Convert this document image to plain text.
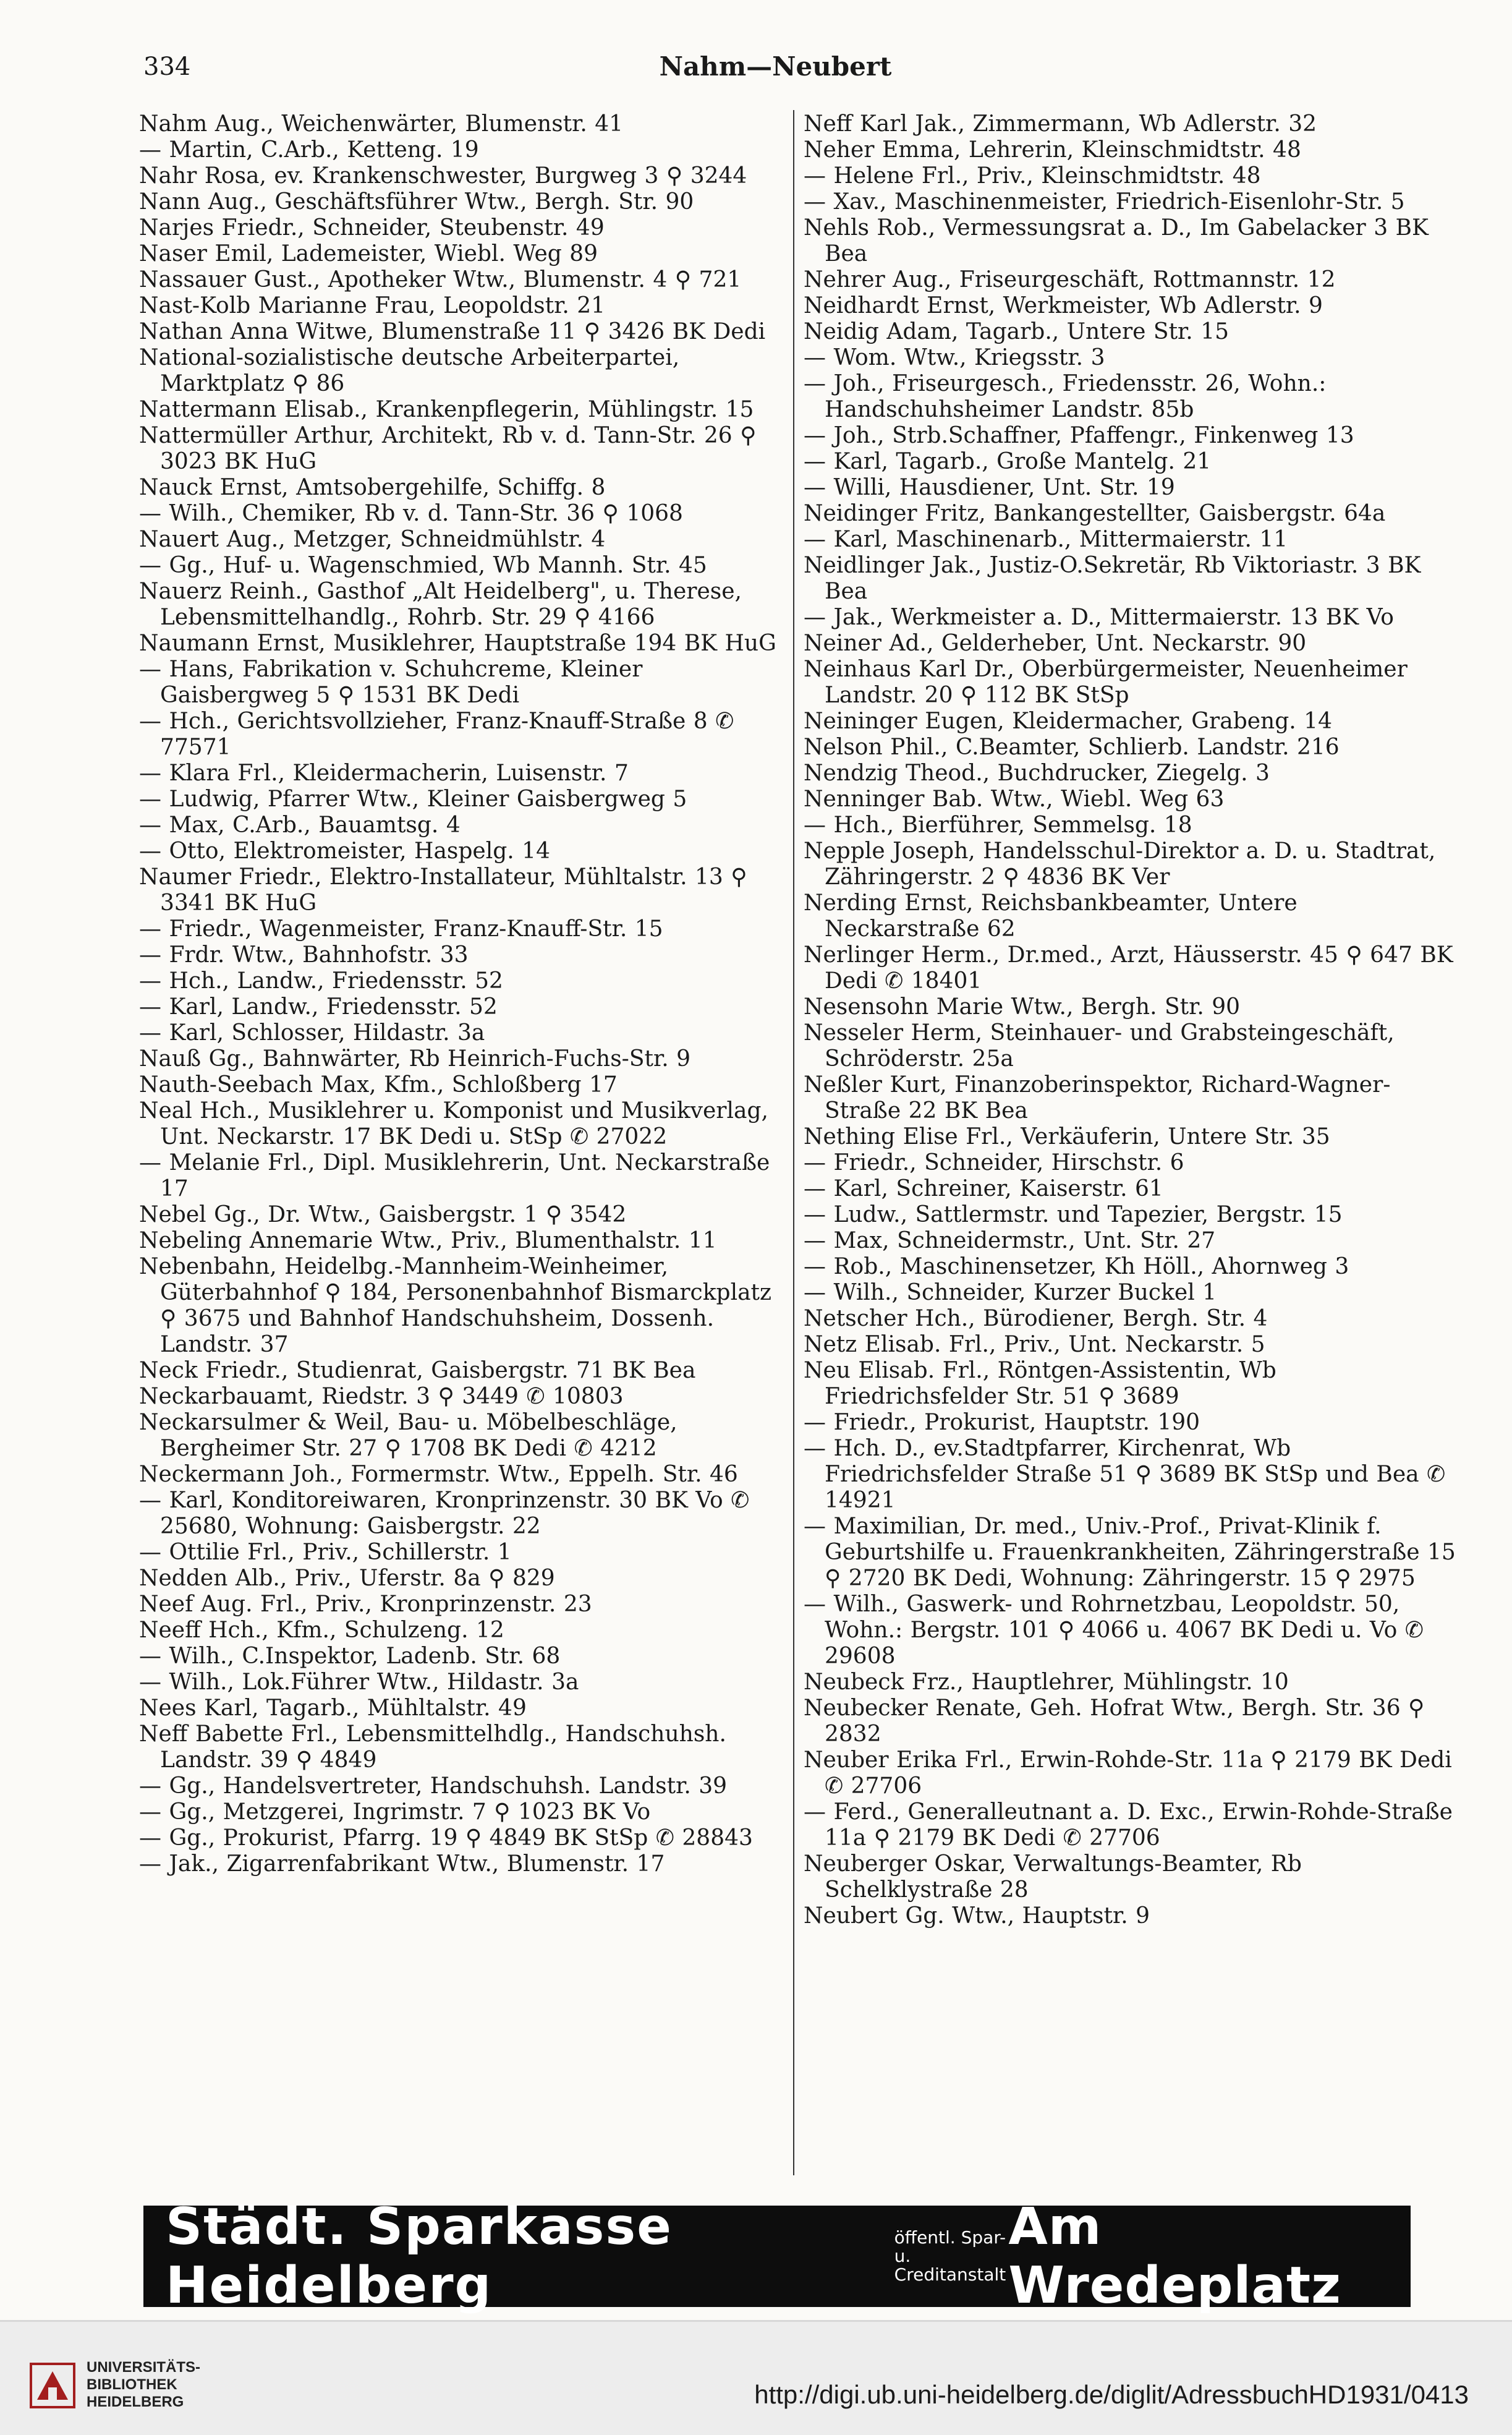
334	Nahm—Neubert

Nahm Aug., Weichenwärter, Blumenstr. 41

— Martin, C.Arb., Ketteng. 19

Nahr Rosa, ev. Krankenschwester, Burgweg 3 ⚲ 3244

Nann Aug., Geschäftsführer Wtw., Bergh. Str. 90

Narjes Friedr., Schneider, Steubenstr. 49

Naser Emil, Lademeister, Wiebl. Weg 89

Nassauer Gust., Apotheker Wtw., Blumenstr. 4 ⚲ 721

Nast-Kolb Marianne Frau, Leopoldstr. 21

Nathan Anna Witwe, Blumenstraße 11 ⚲ 3426 BK Dedi

National-sozialistische deutsche Arbeiterpartei, Marktplatz ⚲ 86

Nattermann Elisab., Krankenpflegerin, Mühlingstr. 15

Nattermüller Arthur, Architekt, Rb v. d. Tann-Str. 26 ⚲ 3023 BK HuG

Nauck Ernst, Amtsobergehilfe, Schiffg. 8

— Wilh., Chemiker, Rb v. d. Tann-Str. 36 ⚲ 1068

Nauert Aug., Metzger, Schneidmühlstr. 4

— Gg., Huf- u. Wagenschmied, Wb Mannh. Str. 45

Nauerz Reinh., Gasthof „Alt Heidelberg", u. Therese, Lebensmittelhandlg., Rohrb. Str. 29 ⚲ 4166

Naumann Ernst, Musiklehrer, Hauptstraße 194 BK HuG

— Hans, Fabrikation v. Schuhcreme, Kleiner Gaisbergweg 5 ⚲ 1531 BK Dedi

— Hch., Gerichtsvollzieher, Franz-Knauff-Straße 8 ✆ 77571

— Klara Frl., Kleidermacherin, Luisenstr. 7

— Ludwig, Pfarrer Wtw., Kleiner Gaisbergweg 5

— Max, C.Arb., Bauamtsg. 4

— Otto, Elektromeister, Haspelg. 14

Naumer Friedr., Elektro-Installateur, Mühltalstr. 13 ⚲ 3341 BK HuG

— Friedr., Wagenmeister, Franz-Knauff-Str. 15

— Frdr. Wtw., Bahnhofstr. 33

— Hch., Landw., Friedensstr. 52

— Karl, Landw., Friedensstr. 52

— Karl, Schlosser, Hildastr. 3a

Nauß Gg., Bahnwärter, Rb Heinrich-Fuchs-Str. 9

Nauth-Seebach Max, Kfm., Schloßberg 17

Neal Hch., Musiklehrer u. Komponist und Musikverlag, Unt. Neckarstr. 17 BK Dedi u. StSp ✆ 27022

— Melanie Frl., Dipl. Musiklehrerin, Unt. Neckarstraße 17

Nebel Gg., Dr. Wtw., Gaisbergstr. 1 ⚲ 3542

Nebeling Annemarie Wtw., Priv., Blumenthalstr. 11

Nebenbahn, Heidelbg.-Mannheim-Weinheimer, Güterbahnhof ⚲ 184, Personenbahnhof Bismarckplatz ⚲ 3675 und Bahnhof Handschuhsheim, Dossenh. Landstr. 37

Neck Friedr., Studienrat, Gaisbergstr. 71 BK Bea

Neckarbauamt, Riedstr. 3 ⚲ 3449 ✆ 10803

Neckarsulmer & Weil, Bau- u. Möbelbeschläge, Bergheimer Str. 27 ⚲ 1708 BK Dedi ✆ 4212

Neckermann Joh., Formermstr. Wtw., Eppelh. Str. 46

— Karl, Konditoreiwaren, Kronprinzenstr. 30 BK Vo ✆ 25680, Wohnung: Gaisbergstr. 22

— Ottilie Frl., Priv., Schillerstr. 1

Nedden Alb., Priv., Uferstr. 8a ⚲ 829

Neef Aug. Frl., Priv., Kronprinzenstr. 23

Neeff Hch., Kfm., Schulzeng. 12

— Wilh., C.Inspektor, Ladenb. Str. 68

— Wilh., Lok.Führer Wtw., Hildastr. 3a

Nees Karl, Tagarb., Mühltalstr. 49

Neff Babette Frl., Lebensmittelhdlg., Handschuhsh. Landstr. 39 ⚲ 4849

— Gg., Handelsvertreter, Handschuhsh. Landstr. 39

— Gg., Metzgerei, Ingrimstr. 7 ⚲ 1023 BK Vo

— Gg., Prokurist, Pfarrg. 19 ⚲ 4849 BK StSp ✆ 28843

— Jak., Zigarrenfabrikant Wtw., Blumenstr. 17

Neff Karl Jak., Zimmermann, Wb Adlerstr. 32

Neher Emma, Lehrerin, Kleinschmidtstr. 48

— Helene Frl., Priv., Kleinschmidtstr. 48

— Xav., Maschinenmeister, Friedrich-Eisenlohr-Str. 5

Nehls Rob., Vermessungsrat a. D., Im Gabelacker 3 BK Bea

Nehrer Aug., Friseurgeschäft, Rottmannstr. 12

Neidhardt Ernst, Werkmeister, Wb Adlerstr. 9

Neidig Adam, Tagarb., Untere Str. 15

— Wom. Wtw., Kriegsstr. 3

— Joh., Friseurgesch., Friedensstr. 26, Wohn.: Handschuhsheimer Landstr. 85b

— Joh., Strb.Schaffner, Pfaffengr., Finkenweg 13

— Karl, Tagarb., Große Mantelg. 21

— Willi, Hausdiener, Unt. Str. 19

Neidinger Fritz, Bankangestellter, Gaisbergstr. 64a

— Karl, Maschinenarb., Mittermaierstr. 11

Neidlinger Jak., Justiz-O.Sekretär, Rb Viktoriastr. 3 BK Bea

— Jak., Werkmeister a. D., Mittermaierstr. 13 BK Vo

Neiner Ad., Gelderheber, Unt. Neckarstr. 90

Neinhaus Karl Dr., Oberbürgermeister, Neuenheimer Landstr. 20 ⚲ 112 BK StSp

Neininger Eugen, Kleidermacher, Grabeng. 14

Nelson Phil., C.Beamter, Schlierb. Landstr. 216

Nendzig Theod., Buchdrucker, Ziegelg. 3

Nenninger Bab. Wtw., Wiebl. Weg 63

— Hch., Bierführer, Semmelsg. 18

Nepple Joseph, Handelsschul-Direktor a. D. u. Stadtrat, Zähringerstr. 2 ⚲ 4836 BK Ver

Nerding Ernst, Reichsbankbeamter, Untere Neckarstraße 62

Nerlinger Herm., Dr.med., Arzt, Häusserstr. 45 ⚲ 647 BK Dedi ✆ 18401

Nesensohn Marie Wtw., Bergh. Str. 90

Nesseler Herm, Steinhauer- und Grabsteingeschäft, Schröderstr. 25a

Neßler Kurt, Finanzoberinspektor, Richard-Wagner-Straße 22 BK Bea

Nething Elise Frl., Verkäuferin, Untere Str. 35

— Friedr., Schneider, Hirschstr. 6

— Karl, Schreiner, Kaiserstr. 61

— Ludw., Sattlermstr. und Tapezier, Bergstr. 15

— Max, Schneidermstr., Unt. Str. 27

— Rob., Maschinensetzer, Kh Höll., Ahornweg 3

— Wilh., Schneider, Kurzer Buckel 1

Netscher Hch., Bürodiener, Bergh. Str. 4

Netz Elisab. Frl., Priv., Unt. Neckarstr. 5

Neu Elisab. Frl., Röntgen-Assistentin, Wb Friedrichsfelder Str. 51 ⚲ 3689

— Friedr., Prokurist, Hauptstr. 190

— Hch. D., ev.Stadtpfarrer, Kirchenrat, Wb Friedrichsfelder Straße 51 ⚲ 3689 BK StSp und Bea ✆ 14921

— Maximilian, Dr. med., Univ.-Prof., Privat-Klinik f. Geburtshilfe u. Frauenkrankheiten, Zähringerstraße 15 ⚲ 2720 BK Dedi, Wohnung: Zähringerstr. 15 ⚲ 2975

— Wilh., Gaswerk- und Rohrnetzbau, Leopoldstr. 50, Wohn.: Bergstr. 101 ⚲ 4066 u. 4067 BK Dedi u. Vo ✆ 29608

Neubeck Frz., Hauptlehrer, Mühlingstr. 10

Neubecker Renate, Geh. Hofrat Wtw., Bergh. Str. 36 ⚲ 2832

Neuber Erika Frl., Erwin-Rohde-Str. 11a ⚲ 2179 BK Dedi ✆ 27706

— Ferd., Generalleutnant a. D. Exc., Erwin-Rohde-Straße 11a ⚲ 2179 BK Dedi ✆ 27706

Neuberger Oskar, Verwaltungs-Beamter, Rb Schelklystraße 28

Neubert Gg. Wtw., Hauptstr. 9

Städt. Sparkasse Heidelberg
öffentl. Spar- u.
Creditanstalt
Am Wredeplatz
UNIVERSITÄTS-
BIBLIOTHEK
HEIDELBERG	http://digi.ub.uni-heidelberg.de/diglit/AdressbuchHD1931/0413
